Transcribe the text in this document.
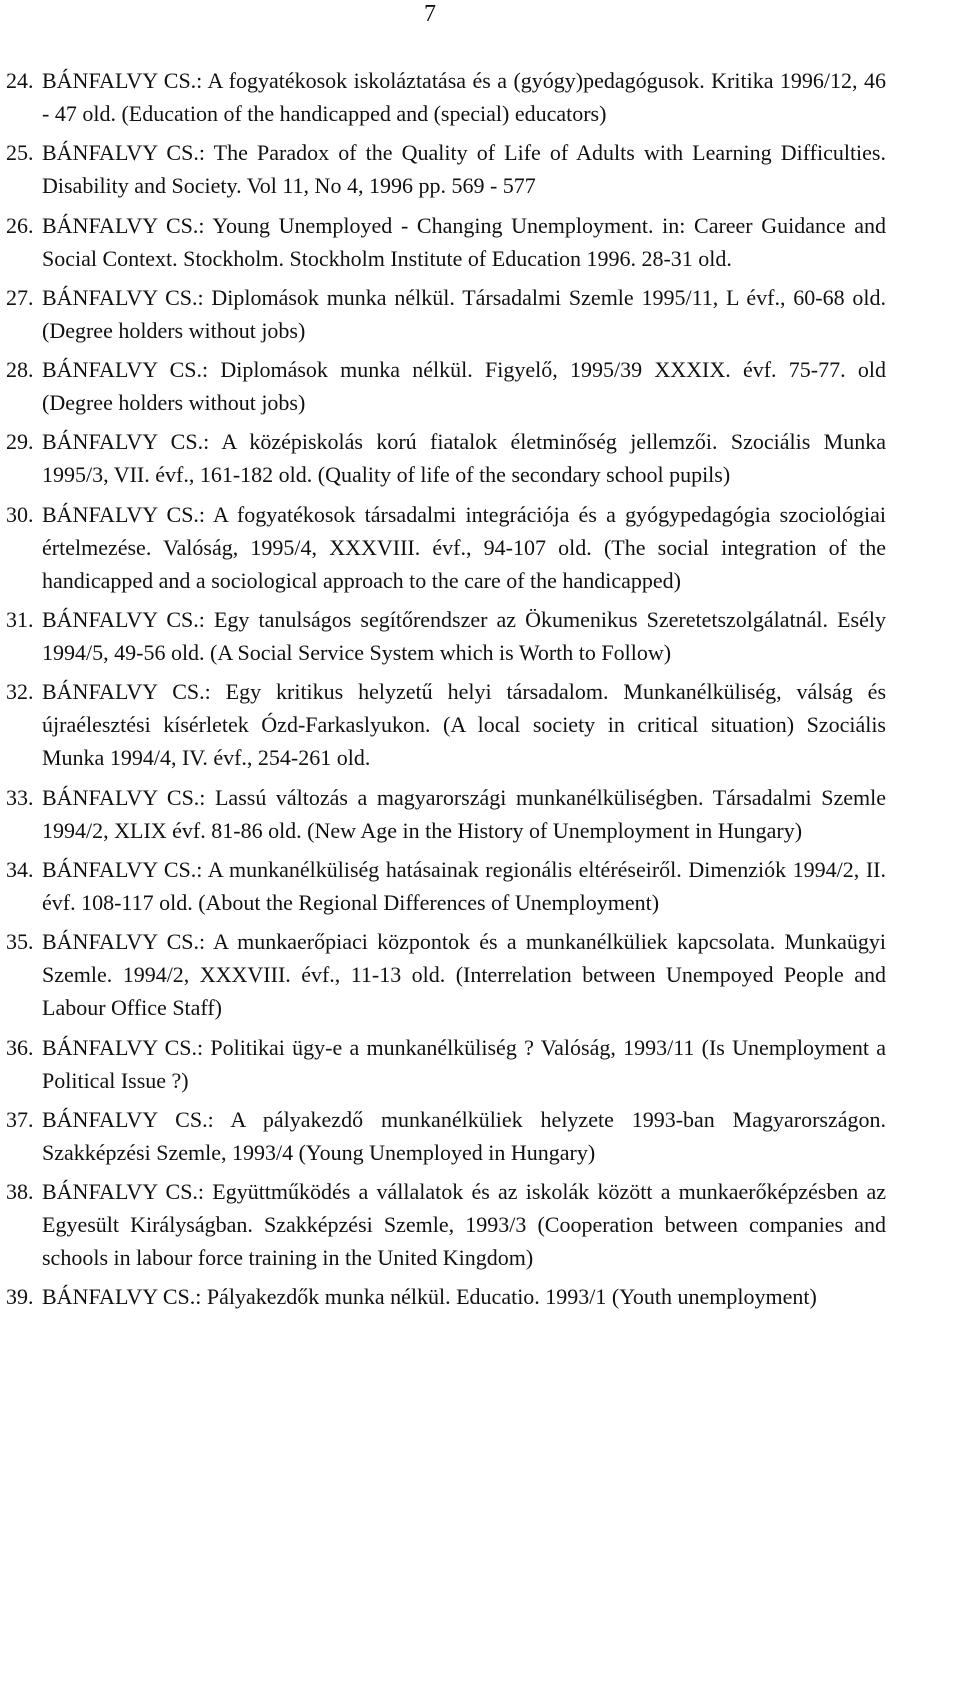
7
24. BÁNFALVY CS.: A fogyatékosok iskoláztatása és a (gyógy)pedagógusok. Kritika 1996/12, 46 - 47 old. (Education of the handicapped and (special) educators)
25. BÁNFALVY CS.: The Paradox of the Quality of Life of Adults with Learning Difficulties. Disability and Society. Vol 11, No 4, 1996 pp. 569 - 577
26. BÁNFALVY CS.: Young Unemployed - Changing Unemployment. in: Career Guidance and Social Context. Stockholm. Stockholm Institute of Education 1996. 28-31 old.
27. BÁNFALVY CS.: Diplomások munka nélkül. Társadalmi Szemle 1995/11, L évf., 60-68 old. (Degree holders without jobs)
28. BÁNFALVY CS.: Diplomások munka nélkül. Figyelő, 1995/39 XXXIX. évf. 75-77. old (Degree holders without jobs)
29. BÁNFALVY CS.: A középiskolás korú fiatalok életminőség jellemzői. Szociális Munka 1995/3, VII. évf., 161-182 old. (Quality of life of the secondary school pupils)
30. BÁNFALVY CS.: A fogyatékosok társadalmi integrációja és a gyógypedagógia szociológiai értelmezése. Valóság, 1995/4, XXXVIII. évf., 94-107 old. (The social integration of the handicapped and a sociological approach to the care of the handicapped)
31. BÁNFALVY CS.: Egy tanulságos segítőrendszer az Ökumenikus Szeretetszolgálatnál. Esély 1994/5, 49-56 old. (A Social Service System which is Worth to Follow)
32. BÁNFALVY CS.: Egy kritikus helyzetű helyi társadalom. Munkanélküliség, válság és újraélesztési kísérletek Ózd-Farkaslyukon. (A local society in critical situation) Szociális Munka 1994/4, IV. évf., 254-261 old.
33. BÁNFALVY CS.: Lassú változás a magyarországi munkanélküliségben. Társadalmi Szemle 1994/2, XLIX évf. 81-86 old. (New Age in the History of Unemployment in Hungary)
34. BÁNFALVY CS.: A munkanélküliség hatásainak regionális eltéréseiről. Dimenziók 1994/2, II. évf. 108-117 old. (About the Regional Differences of Unemployment)
35. BÁNFALVY CS.: A munkaerőpiaci központok és a munkanélküliek kapcsolata. Munkaügyi Szemle. 1994/2, XXXVIII. évf., 11-13 old. (Interrelation between Unempoyed People and Labour Office Staff)
36. BÁNFALVY CS.: Politikai ügy-e a munkanélküliség ? Valóság, 1993/11 (Is Unemployment a Political Issue ?)
37. BÁNFALVY CS.: A pályakezdő munkanélküliek helyzete 1993-ban Magyarországon. Szakképzési Szemle, 1993/4 (Young Unemployed in Hungary)
38. BÁNFALVY CS.: Együttműködés a vállalatok és az iskolák között a munkaerőképzésben az Egyesült Királyságban. Szakképzési Szemle, 1993/3 (Cooperation between companies and schools in labour force training in the United Kingdom)
39. BÁNFALVY CS.: Pályakezdők munka nélkül. Educatio. 1993/1 (Youth unemployment)
